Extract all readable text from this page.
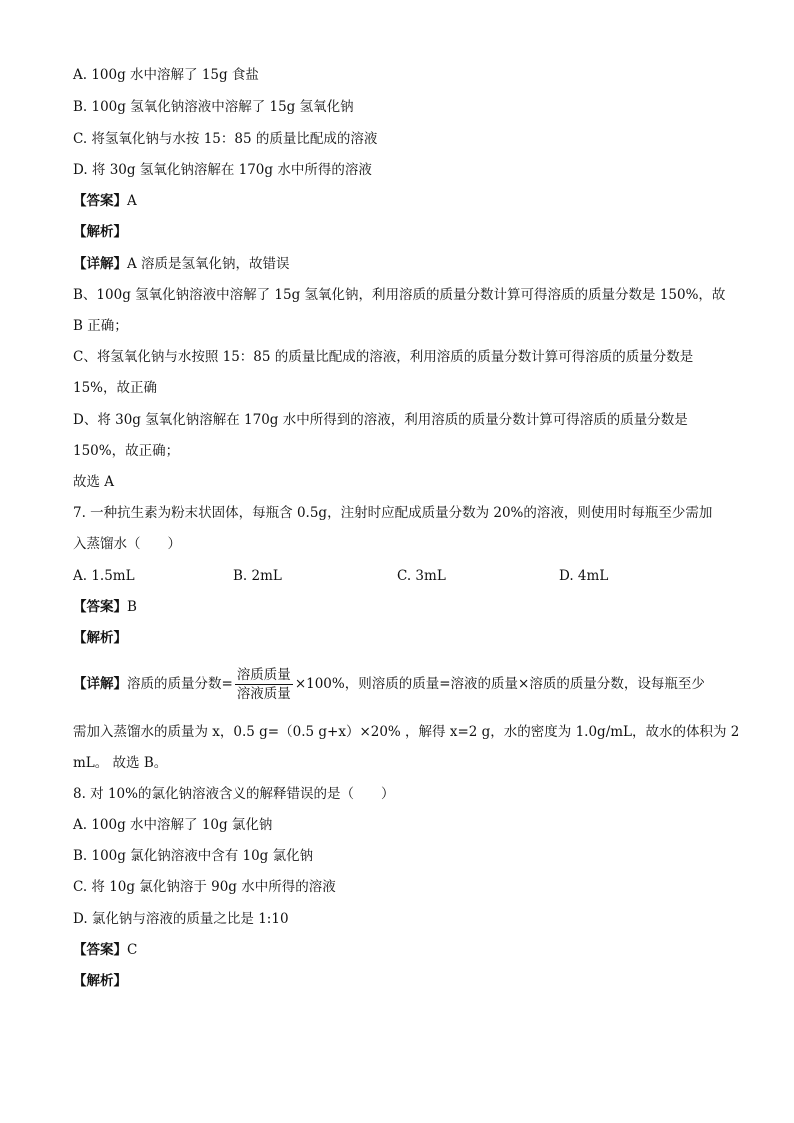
A. 100g 水中溶解了 15g 食盐
B. 100g 氢氧化钠溶液中溶解了 15g 氢氧化钠
C. 将氢氧化钠与水按 15：85 的质量比配成的溶液
D. 将 30g 氢氧化钠溶解在 170g 水中所得的溶液
【答案】A
【解析】
【详解】A 溶质是氢氧化钠，故错误
B、100g 氢氧化钠溶液中溶解了 15g 氢氧化钠，利用溶质的质量分数计算可得溶质的质量分数是 150%，故
B 正确；
C、将氢氧化钠与水按照 15：85 的质量比配成的溶液，利用溶质的质量分数计算可得溶质的质量分数是
15%，故正确
D、将 30g 氢氧化钠溶解在 170g 水中所得到的溶液，利用溶质的质量分数计算可得溶质的质量分数是
150%，故正确；
故选 A
7. 一种抗生素为粉末状固体，每瓶含 0.5g，注射时应配成质量分数为 20%的溶液，则使用时每瓶至少需加
入蒸馏水（　　）
A. 1.5mL	B. 2mL	C. 3mL	D. 4mL
【答案】B
【解析】
【详解】溶质的质量分数= $\frac{\text{溶质质量}}{\text{溶液质量}} \times 100\%$，则溶质的质量=溶液的质量×溶质的质量分数，设每瓶至少
需加入蒸馏水的质量为 x，0.5 g=（0.5 g+x）×20% ，解得 x=2 g，水的密度为 1.0g/mL，故水的体积为 2
mL。 故选 B。
8. 对 10%的氯化钠溶液含义的解释错误的是（　　）
A. 100g 水中溶解了 10g 氯化钠
B. 100g 氯化钠溶液中含有 10g 氯化钠
C. 将 10g 氯化钠溶于 90g 水中所得的溶液
D. 氯化钠与溶液的质量之比是 1:10
【答案】C
【解析】
